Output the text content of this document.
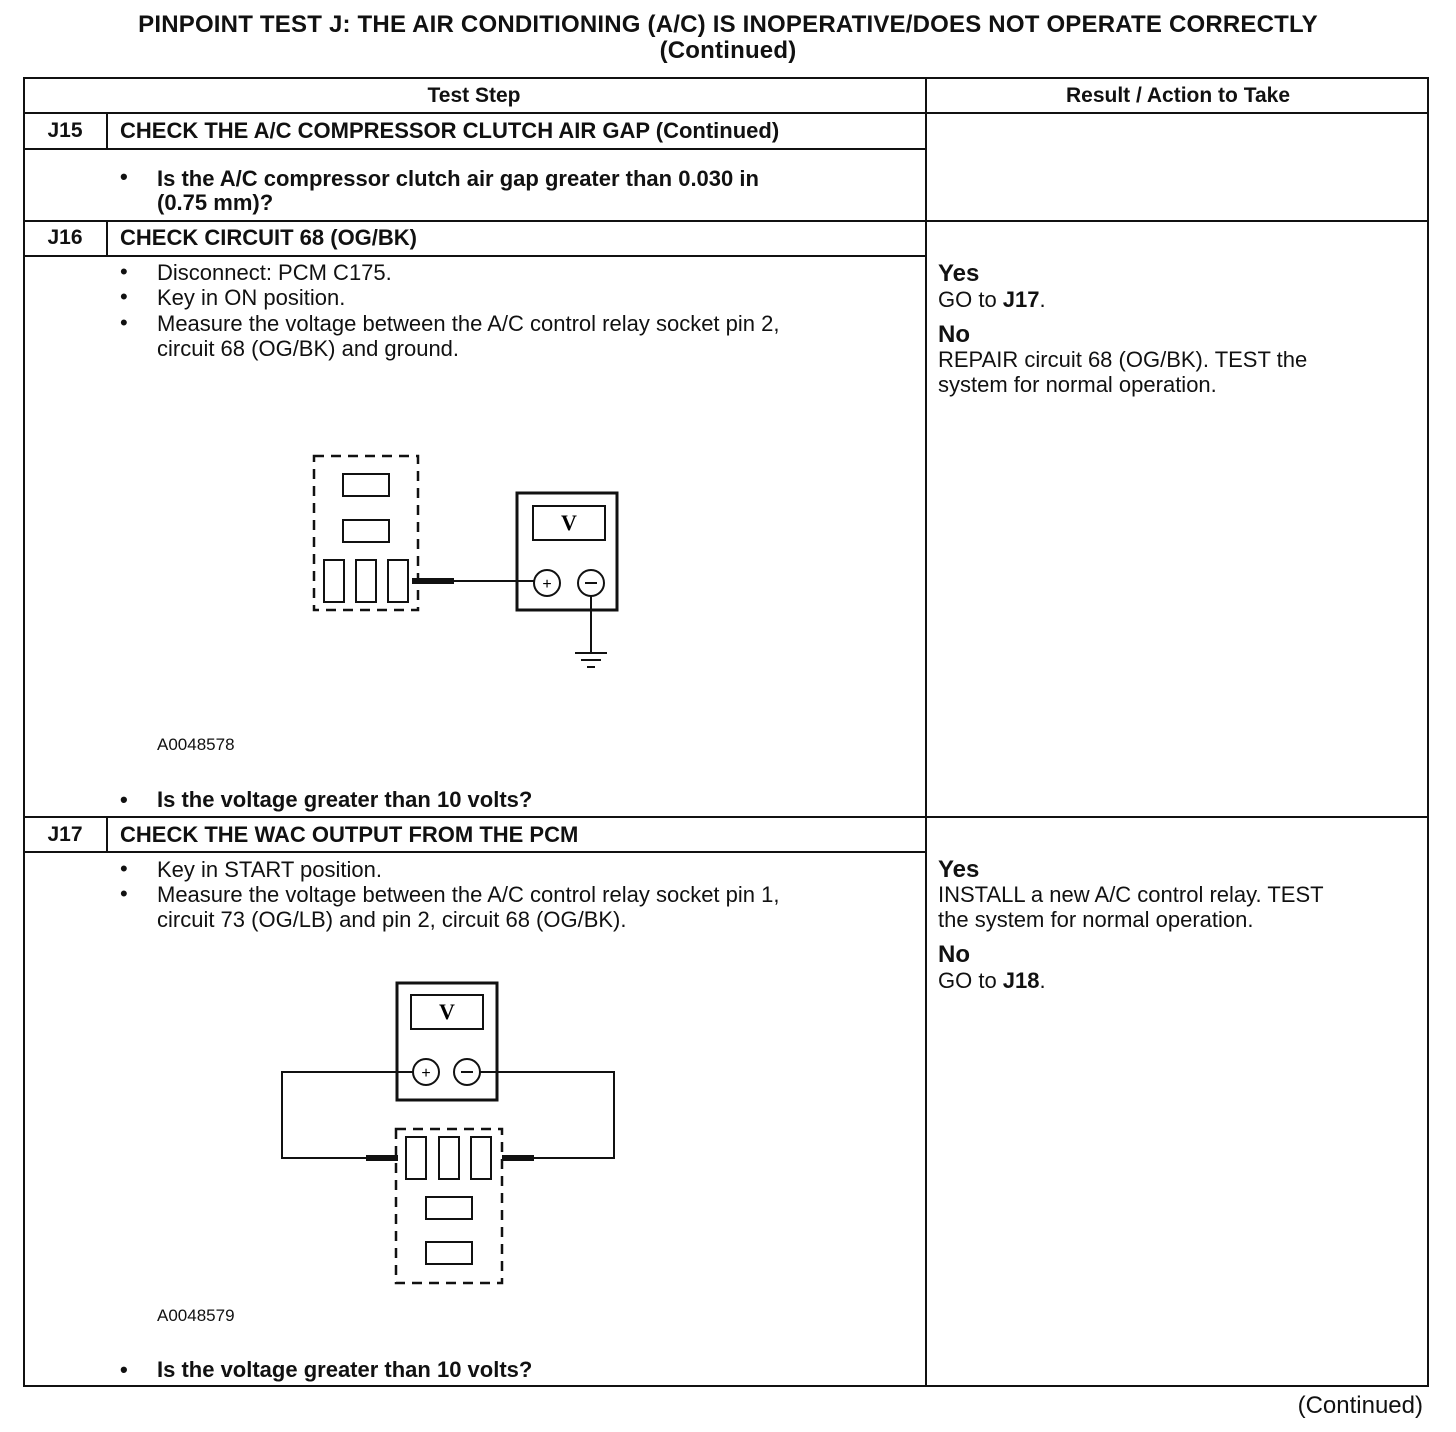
PINPOINT TEST J: THE AIR CONDITIONING (A/C) IS INOPERATIVE/DOES NOT OPERATE CORRECTLY
(Continued)
Test Step	Result / Action to Take
J15	CHECK THE A/C COMPRESSOR CLUTCH AIR GAP (Continued)
• Is the A/C compressor clutch air gap greater than 0.030 in
(0.75 mm)?
J16	CHECK CIRCUIT 68 (OG/BK)
• Disconnect: PCM C175.
• Key in ON position.
• Measure the voltage between the A/C control relay socket pin 2,
circuit 68 (OG/BK) and ground.
V
+
A0048578
• Is the voltage greater than 10 volts?
Yes
GO to J17.
No
REPAIR circuit 68 (OG/BK). TEST the
system for normal operation.
J17	CHECK THE WAC OUTPUT FROM THE PCM
• Key in START position.
• Measure the voltage between the A/C control relay socket pin 1,
circuit 73 (OG/LB) and pin 2, circuit 68 (OG/BK).
V
+
A0048579
• Is the voltage greater than 10 volts?
Yes
INSTALL a new A/C control relay. TEST
the system for normal operation.
No
GO to J18.
(Continued)
